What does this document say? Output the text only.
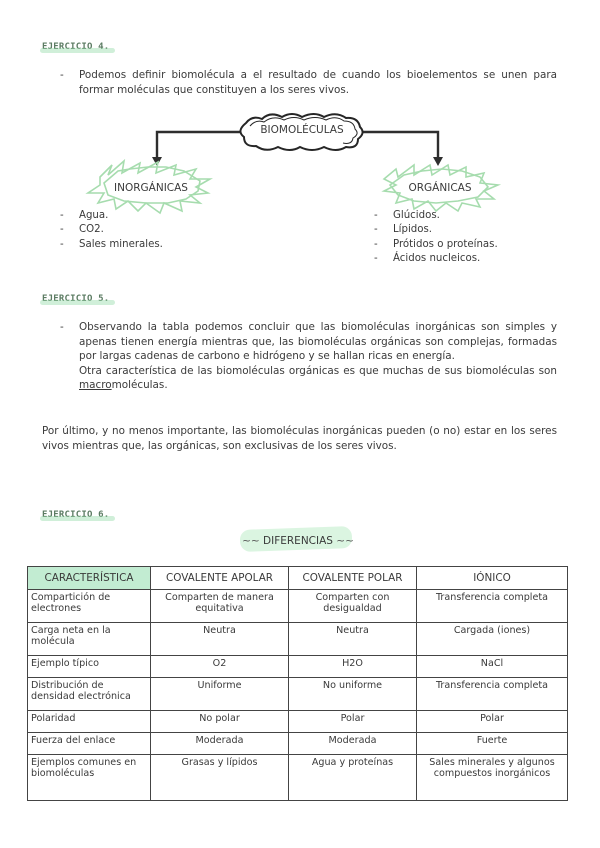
EJERCICIO 4.

- Podemos definir biomolécula a el resultado de cuando los bioelementos se unen para formar moléculas que constituyen a los seres vivos.

BIOMOLÉCULAS
INORGÁNICAS	ORGÁNICAS
- Agua.
- CO2.
- Sales minerales.
- Glúcidos.
- Lípidos.
- Prótidos o proteínas.
- Ácidos nucleicos.
EJERCICIO 5.
- Observando la tabla podemos concluir que las biomoléculas inorgánicas son simples y apenas tienen energía mientras que, las biomoléculas orgánicas son complejas, formadas por largas cadenas de carbono e hidrógeno y se hallan ricas en energía.
Otra característica de las biomoléculas orgánicas es que muchas de sus biomoléculas son macromoléculas.

Por último, y no menos importante, las biomoléculas inorgánicas pueden (o no) estar en los seres vivos mientras que, las orgánicas, son exclusivas de los seres vivos.

EJERCICIO 6.
~~ DIFERENCIAS ~~
CARACTERÍSTICA	COVALENTE APOLAR	COVALENTE POLAR	IÓNICO
Compartición de electrones	Comparten de manera equitativa	Comparten con desigualdad	Transferencia completa
Carga neta en la molécula	Neutra	Neutra	Cargada (iones)
Ejemplo típico	O2	H2O	NaCl
Distribución de densidad electrónica	Uniforme	No uniforme	Transferencia completa
Polaridad	No polar	Polar	Polar
Fuerza del enlace	Moderada	Moderada	Fuerte
Ejemplos comunes en biomoléculas	Grasas y lípidos	Agua y proteínas	Sales minerales y algunos compuestos inorgánicos
